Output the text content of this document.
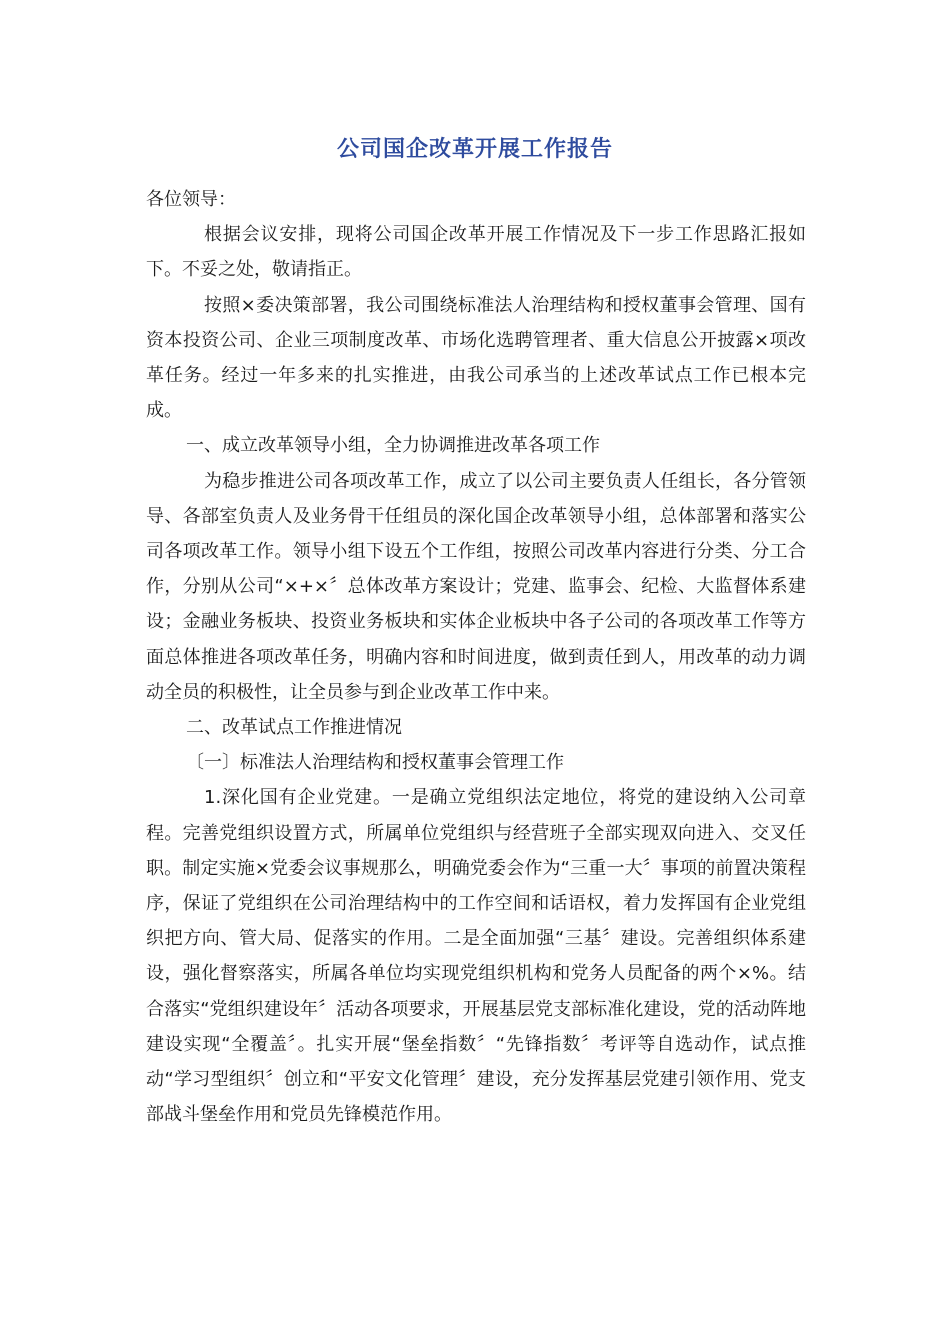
公司国企改革开展工作报告

各位领导：

根据会议安排，现将公司国企改革开展工作情况及下一步工作思路汇报如下。不妥之处，敬请指正。

按照×委决策部署，我公司围绕标准法人治理结构和授权董事会管理、国有资本投资公司、企业三项制度改革、市场化选聘管理者、重大信息公开披露×项改革任务。经过一年多来的扎实推进，由我公司承当的上述改革试点工作已根本完成。

一、成立改革领导小组，全力协调推进改革各项工作

为稳步推进公司各项改革工作，成立了以公司主要负责人任组长，各分管领导、各部室负责人及业务骨干任组员的深化国企改革领导小组，总体部署和落实公司各项改革工作。领导小组下设五个工作组，按照公司改革内容进行分类、分工合作，分别从公司“×+×〞总体改革方案设计；党建、监事会、纪检、大监督体系建设；金融业务板块、投资业务板块和实体企业板块中各子公司的各项改革工作等方面总体推进各项改革任务，明确内容和时间进度，做到责任到人，用改革的动力调动全员的积极性，让全员参与到企业改革工作中来。

二、改革试点工作推进情况

〔一〕标准法人治理结构和授权董事会管理工作

1.深化国有企业党建。一是确立党组织法定地位，将党的建设纳入公司章程。完善党组织设置方式，所属单位党组织与经营班子全部实现双向进入、交叉任职。制定实施×党委会议事规那么，明确党委会作为“三重一大〞事项的前置决策程序，保证了党组织在公司治理结构中的工作空间和话语权，着力发挥国有企业党组织把方向、管大局、促落实的作用。二是全面加强“三基〞建设。完善组织体系建设，强化督察落实，所属各单位均实现党组织机构和党务人员配备的两个×%。结合落实“党组织建设年〞活动各项要求，开展基层党支部标准化建设，党的活动阵地建设实现“全覆盖〞。扎实开展“堡垒指数〞“先锋指数〞考评等自选动作，试点推动“学习型组织〞创立和“平安文化管理〞建设，充分发挥基层党建引领作用、党支部战斗堡垒作用和党员先锋模范作用。
